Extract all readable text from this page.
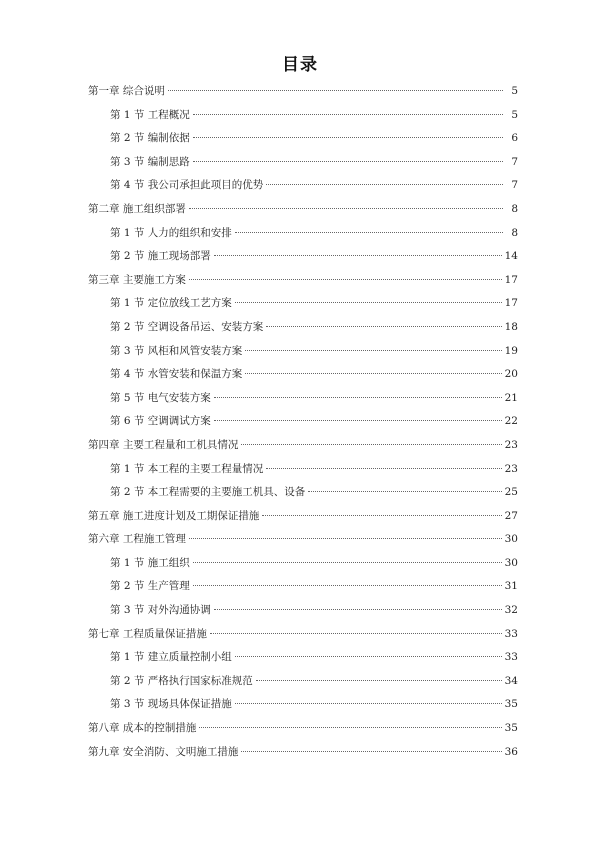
目录
第一章 综合说明	5
第 1 节 工程概况	5
第 2 节 编制依据	6
第 3 节 编制思路	7
第 4 节 我公司承担此项目的优势	7
第二章 施工组织部署	8
第 1 节 人力的组织和安排	8
第 2 节 施工现场部署	14
第三章 主要施工方案	17
第 1 节 定位放线工艺方案	17
第 2 节 空调设备吊运、安装方案	18
第 3 节 风柜和风管安装方案	19
第 4 节 水管安装和保温方案	20
第 5 节 电气安装方案	21
第 6 节 空调调试方案	22
第四章 主要工程量和工机具情况	23
第 1 节 本工程的主要工程量情况	23
第 2 节 本工程需要的主要施工机具、设备	25
第五章 施工进度计划及工期保证措施	27
第六章 工程施工管理	30
第 1 节 施工组织	30
第 2 节 生产管理	31
第 3 节 对外沟通协调	32
第七章 工程质量保证措施	33
第 1 节 建立质量控制小组	33
第 2 节 严格执行国家标准规范	34
第 3 节 现场具体保证措施	35
第八章 成本的控制措施	35
第九章 安全消防、文明施工措施	36
